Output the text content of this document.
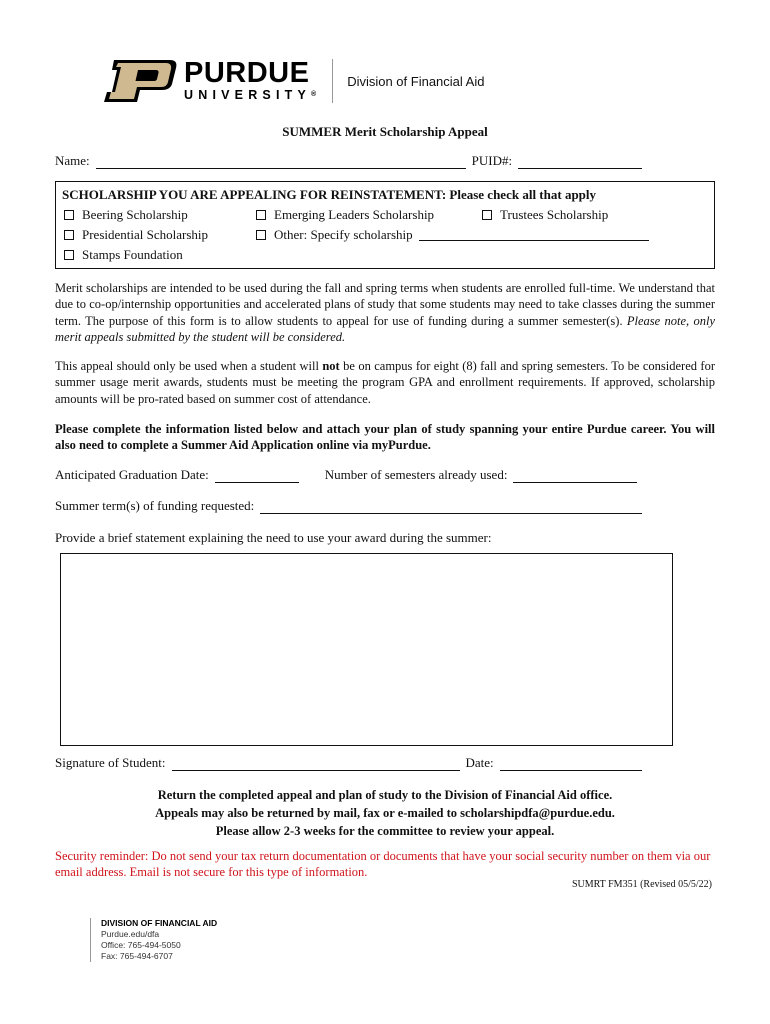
PURDUE
UNIVERSITY®
Division of Financial Aid
SUMMER Merit Scholarship Appeal
Name:	PUID#:
SCHOLARSHIP YOU ARE APPEALING FOR REINSTATEMENT: Please check all that apply
Beering Scholarship	Emerging Leaders Scholarship	Trustees Scholarship
Presidential Scholarship	Other: Specify scholarship
Stamps Foundation
Merit scholarships are intended to be used during the fall and spring terms when students are enrolled full-time. We understand that due to co-op/internship opportunities and accelerated plans of study that some students may need to take classes during the summer term. The purpose of this form is to allow students to appeal for use of funding during a summer semester(s). Please note, only merit appeals submitted by the student will be considered.
This appeal should only be used when a student will not be on campus for eight (8) fall and spring semesters. To be considered for summer usage merit awards, students must be meeting the program GPA and enrollment requirements. If approved, scholarship amounts will be pro-rated based on summer cost of attendance.
Please complete the information listed below and attach your plan of study spanning your entire Purdue career. You will also need to complete a Summer Aid Application online via myPurdue.
Anticipated Graduation Date:	Number of semesters already used:
Summer term(s) of funding requested:
Provide a brief statement explaining the need to use your award during the summer:
Signature of Student:	Date:
Return the completed appeal and plan of study to the Division of Financial Aid office.
Appeals may also be returned by mail, fax or e-mailed to scholarshipdfa@purdue.edu.
Please allow 2-3 weeks for the committee to review your appeal.
Security reminder: Do not send your tax return documentation or documents that have your social security number on them via our email address. Email is not secure for this type of information.
SUMRT FM351 (Revised 05/5/22)
DIVISION OF FINANCIAL AID
Purdue.edu/dfa
Office: 765-494-5050
Fax: 765-494-6707
